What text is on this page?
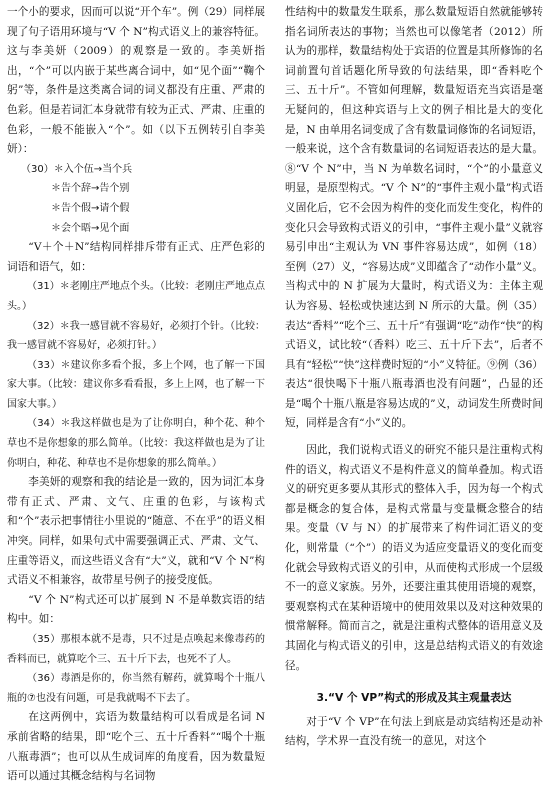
一个小的要求，因而可以说“开个车”。例（29）同样展现了句子语用环境与“V 个 N”构式语义上的兼容特征。这与李美妍（2009）的观察是一致的。李美妍指出，“个”可以内嵌于某些离合词中，如“见个面”“鞠个躬”等，条件是这类离合词的词义都没有庄重、严肃的色彩。但是若词汇本身就带有较为正式、严肃、庄重的色彩，一般不能嵌入“个”。如（以下五例转引自李美妍）：

（30）＊入个伍→当个兵

＊告个辞→告个别

＊告个假→请个假

＊会个晤→见个面

“V＋个＋N”结构同样排斥带有正式、庄严色彩的词语和语气，如：

（31）＊老刚庄严地点个头。（比较：老刚庄严地点点头。）

（32）＊我一感冒就不容易好，必须打个针。（比较：我一感冒就不容易好，必须打针。）

（33）＊建议你多看个报，多上个网，也了解一下国家大事。（比较：建议你多看看报，多上上网，也了解一下国家大事。）

（34）＊我这样做也是为了让你明白，种个花、种个草也不是你想象的那么简单。（比较：我这样做也是为了让你明白，种花、种草也不是你想象的那么简单。）

李美妍的观察和我的结论是一致的，因为词汇本身带有正式、严肃、文气、庄重的色彩，与该构式和“个”表示把事情往小里说的“随意、不在乎”的语义相冲突。同样，如果句式中需要强调正式、严肃、文气、庄重等语义，而这些语义含有“大”义，就和“V 个 N”构式语义不相兼容，故带星号例子的接受度低。

“V 个 N”构式还可以扩展到 N 不是单数宾语的结构中。如：

（35）那根本就不是毒，只不过是点唤起来像毒药的香料而已，就算吃个三、五十斤下去，也死不了人。

（36）毒酒是你的，你当然有解药，就算喝个十瓶八瓶的⑦也没有问题，可是我就喝不下去了。

在这两例中，宾语为数量结构可以看成是名词 N 承前省略的结果，即“吃个三、五十斤香料”“喝个十瓶八瓶毒酒”；也可以从生成词库的角度看，因为数量短语可以通过其概念结构与名词物

性结构中的数量发生联系，那么数量短语自然就能够转指名词所表达的事物；当然也可以像笔者（2012）所认为的那样，数量结构处于宾语的位置是其所修饰的名词前置句首话题化所导致的句法结果，即“香料吃个三、五十斤”。不管如何理解，数量短语充当宾语是毫无疑问的，但这种宾语与上文的例子相比是大的变化是，N 由单用名词变成了含有数量词修饰的名词短语，一般来说，这个含有数量词的名词短语表达的是大量。⑧“V 个 N”中，当 N 为单数名词时，“个”的小量意义明显，是原型构式。“V 个 N”的“事件主观小量”构式语义固化后，它不会因为构件的变化而发生变化，构件的变化只会导致构式语义的引申，“事件主观小量”义就容易引申出“主观认为 VN 事件容易达成”，如例（18）至例（27）义，“容易达成”义即蕴含了“动作小量”义。当构式中的 N 扩展为大量时，构式语义为：主体主观认为容易、轻松或快速达到 N 所示的大量。例（35）表达“香料”“吃个三、五十斤”有强调“吃”动作“快”的构式语义，试比较“（香料）吃三、五十斤下去”，后者不具有“轻松”“快”这样费时短的“小”义特征。⑨例（36）表达“很快喝下十瓶八瓶毒酒也没有问题”，凸显的还是“喝个十瓶八瓶是容易达成的”义，动词发生所费时间短，同样是含有“小”义的。

因此，我们说构式语义的研究不能只是注重构式构件的语义，构式语义不是构件意义的简单叠加。构式语义的研究更多要从其形式的整体入手，因为每一个构式都是概念的复合体，是构式常量与变量概念整合的结果。变量（V 与 N）的扩展带来了构件词汇语义的变化，则常量（“个”）的语义为适应变量语义的变化而变化就会导致构式语义的引申，从而使构式形成一个层级不一的意义家族。另外，还要注重其使用语境的观察，要观察构式在某种语境中的使用效果以及对这种效果的惯常解释。简而言之，就是注重构式整体的语用意义及其固化与构式语义的引申，这是总结构式语义的有效途径。

3.“V 个 VP”构式的形成及其主观量表达

对于“V 个 VP”在句法上到底是动宾结构还是动补结构，学术界一直没有统一的意见，对这个
